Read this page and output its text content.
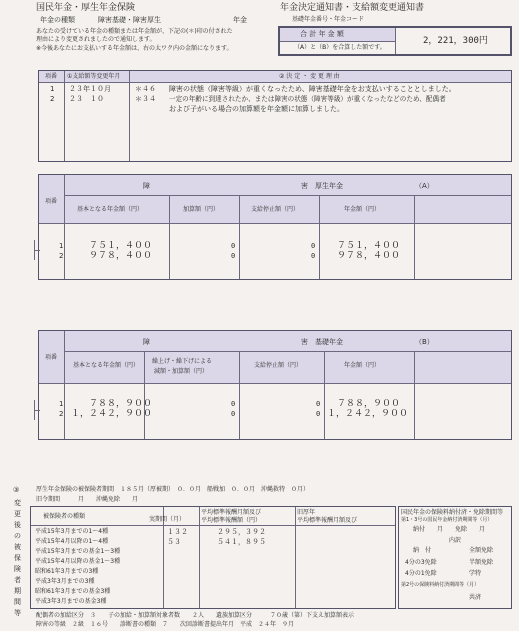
国民年金・厚生年金保険
年金の種類	障害基礎・障害厚生	年金
あなたの受けている年金の種類または年金額が、下記の(＊)印の付された
理由により変更されましたので通知します。
※今後あなたにお支払いする年金額は、右の太ワク内の金額になります。
年金決定通知書・支給額変更通知書
基礎年金番号・年金コード
合 計 年 金 額
（A）と（B）を合算した額です。
2，221，300円
項番 ①支給額等変更年月	② 決 定 ・ 変 更 理 由
1 ２３年１０月	＊４６ 障害の状態（障害等級）が重くなったため、障害基礎年金をお支払いすることとしました。
2 ２３　１０	＊３４ 一定の年齢に到達されたか、または障害の状態（障害等級）が重くなったなどのため、配偶者
および子がいる場合の加算額を年金額に加算しました。
障	害　厚生年金	（A）
項番
基本となる年金額（円）	加算額（円）	支給停止額（円）	年金額（円）
1	７５１，４００	0	0 ７５１，４００
2	９７８，４００	0	0 ９７８，４００
障	害　基礎年金	（B）
項番
基本となる年金額（円）
繰上げ・繰下げによる
減額・加算額（円）
支給停止額（円）	年金額（円）
1	７８８，９００	0	0 ７８８，９００
2 １，２４２，９００	0	0 １，２４２，９００
③
変
更
後
の
被
保
険
者
期
間
等
厚生年金保険の被保険者期間　１８５月（厚被期）　０．０月　船戦加　０．０月　沖縄救特　０月）
旧令期間　　　月　　沖縄免除　　月
被保険者の種類	実期間（月）
平均標準報酬月額及び
平均標準報酬額（円）
旧厚年
平均標準報酬月額及び
平成15年3月までの1～4種	１３２	２９５，３９２
平成15年4月以降の1～4種	５３	５４１，８９５
平成15年3月までの基金1～3種
平成15年4月以降の基金1～3種
昭和61年3月までの3種
平成3年3月までの3種
昭和61年3月までの基金3種
平成3年3月までの基金3種
国民年金の保険料納付済・免除期間等
第1・3号の国民年金納付済期間等（月）
納付　　月　　免除　　月
内訳
納　付	全額免除
4分の3免除	半額免除
4分の1免除	学特
第2号の保険料納付済期間等（月）
共済
配偶者の加給区分　３　　子の加給・加算額対象者数　　２人　　遺族加算区分　　　７０歳（第）下支え加算額表示
障害の等級　２級　１６号　　診断書の種類　７　　次回診断書提出年月　平成　２４年　９月
